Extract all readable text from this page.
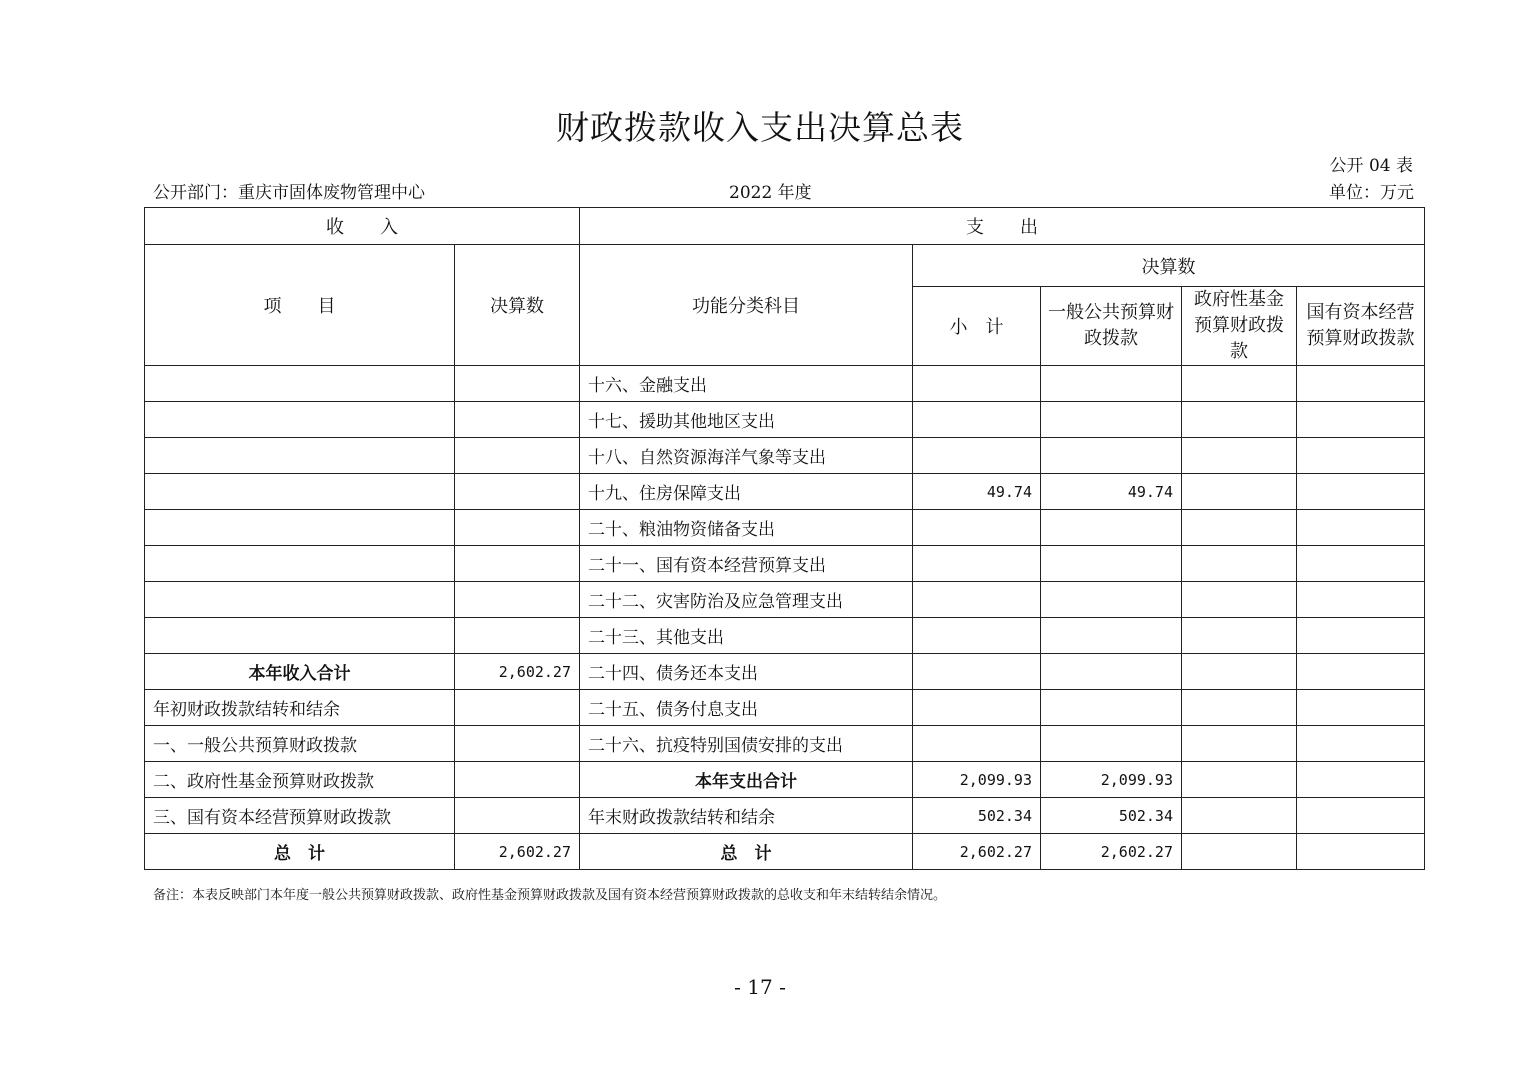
财政拨款收入支出决算总表
公开 04 表
公开部门：重庆市固体废物管理中心	2022 年度	单位：万元
收　　入		支　　出				
项　　目	决算数	功能分类科目	决算数			
			小　计	一般公共预算财政拨款	政府性基金预算财政拨款	国有资本经营预算财政拨款
		十六、金融支出				
		十七、援助其他地区支出				
		十八、自然资源海洋气象等支出				
		十九、住房保障支出	49.74	49.74		
		二十、粮油物资储备支出				
		二十一、国有资本经营预算支出				
		二十二、灾害防治及应急管理支出				
		二十三、其他支出				
本年收入合计	2,602.27	二十四、债务还本支出				
年初财政拨款结转和结余		二十五、债务付息支出				
一、一般公共预算财政拨款		二十六、抗疫特别国债安排的支出				
二、政府性基金预算财政拨款		本年支出合计	2,099.93	2,099.93		
三、国有资本经营预算财政拨款		年末财政拨款结转和结余	502.34	502.34		
总　计	2,602.27	总　计	2,602.27	2,602.27		
备注：本表反映部门本年度一般公共预算财政拨款、政府性基金预算财政拨款及国有资本经营预算财政拨款的总收支和年末结转结余情况。
- 17 -
